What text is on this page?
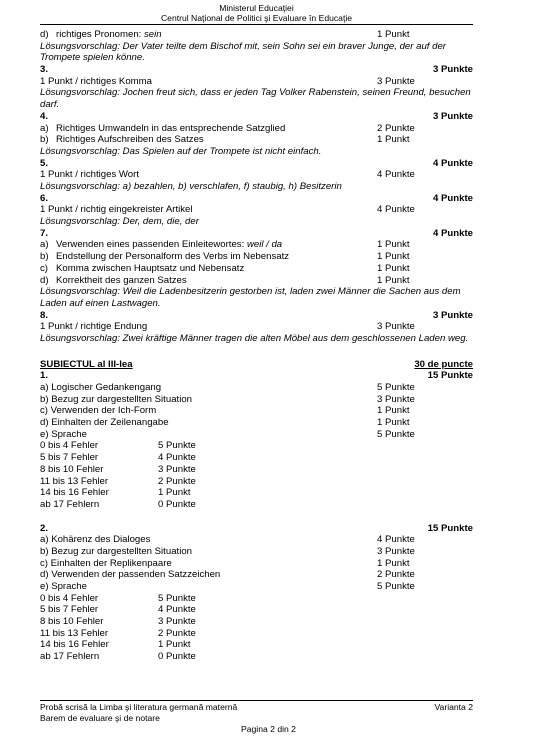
Ministerul Educaţiei
Centrul Naţional de Politici şi Evaluare în Educaţie
d) richtiges Pronomen: sein	1 Punkt
Lösungsvorschlag: Der Vater teilte dem Bischof mit, sein Sohn sei ein braver Junge, der auf der Trompete spielen könne.
3.	3 Punkte
1 Punkt / richtiges Komma	3 Punkte
Lösungsvorschlag: Jochen freut sich, dass er jeden Tag Volker Rabenstein, seinen Freund, besuchen darf.
4.	3 Punkte
a) Richtiges Umwandeln in das entsprechende Satzglied	2 Punkte
b) Richtiges Aufschreiben des Satzes	1 Punkt
Lösungsvorschlag: Das Spielen auf der Trompete ist nicht einfach.
5.	4 Punkte
1 Punkt / richtiges Wort	4 Punkte
Lösungsvorschlag: a) bezahlen, b) verschlafen, f) staubig, h) Besitzerin
6.	4 Punkte
1 Punkt / richtig eingekreister Artikel	4 Punkte
Lösungsvorschlag: Der, dem, die, der
7.	4 Punkte
a) Verwenden eines passenden Einleitewortes: weil / da	1 Punkt
b) Endstellung der Personalform des Verbs im Nebensatz	1 Punkt
c) Komma zwischen Hauptsatz und Nebensatz	1 Punkt
d) Korrektheit des ganzen Satzes	1 Punkt
Lösungsvorschlag: Weil die Ladenbesitzerin gestorben ist, laden zwei Männer die Sachen aus dem Laden auf einen Lastwagen.
8.	3 Punkte
1 Punkt / richtige Endung	3 Punkte
Lösungsvorschlag: Zwei kräftige Männer tragen die alten Möbel aus dem geschlossenen Laden weg.
SUBIECTUL al III-lea	30 de puncte
1.	15 Punkte
a) Logischer Gedankengang	5 Punkte
b) Bezug zur dargestellten Situation	3 Punkte
c) Verwenden der Ich-Form	1 Punkt
d) Einhalten der Zeilenangabe	1 Punkt
e) Sprache	5 Punkte
0 bis 4 Fehler	5 Punkte
5 bis 7 Fehler	4 Punkte
8 bis 10 Fehler	3 Punkte
11 bis 13 Fehler	2 Punkte
14 bis 16 Fehler	1 Punkt
ab 17 Fehlern	0 Punkte
2.	15 Punkte
a) Kohärenz des Dialoges	4 Punkte
b) Bezug zur dargestellten Situation	3 Punkte
c) Einhalten der Replikenpaare	1 Punkt
d) Verwenden der passenden Satzzeichen	2 Punkte
e) Sprache	5 Punkte
0 bis 4 Fehler	5 Punkte
5 bis 7 Fehler	4 Punkte
8 bis 10 Fehler	3 Punkte
11 bis 13 Fehler	2 Punkte
14 bis 16 Fehler	1 Punkt
ab 17 Fehlern	0 Punkte
Probă scrisă la Limba şi literatura germană maternă
Barem de evaluare şi de notare
Varianta 2
Pagina 2 din 2
